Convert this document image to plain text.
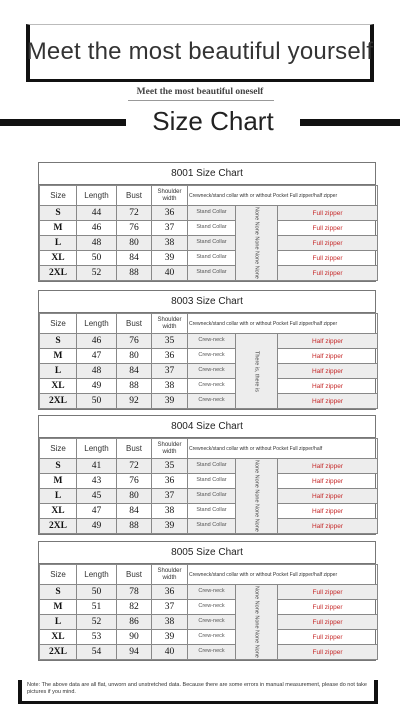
Meet the most beautiful yourself
Meet the most beautiful oneself
Size Chart
8001 Size Chart
Size	Length	Bust	Shoulder width	Crewneck/stand collar with or without Pocket Full zipper/half zipper		
S	44	72	36	Stand Collar	None None None None None	Full zipper
M	46	76	37	Stand Collar		Full zipper
L	48	80	38	Stand Collar		Full zipper
XL	50	84	39	Stand Collar		Full zipper
2XL	52	88	40	Stand Collar		Full zipper
8003 Size Chart
Size	Length	Bust	Shoulder width	Crewneck/stand collar with or without Pocket Full zipper/half zipper		
S	46	76	35	Crew-neck	There is, there is	Half zipper
M	47	80	36	Crew-neck		Half zipper
L	48	84	37	Crew-neck		Half zipper
XL	49	88	38	Crew-neck		Half zipper
2XL	50	92	39	Crew-neck		Half zipper
8004 Size Chart
Size	Length	Bust	Shoulder width	Crewneck/stand collar with or without Pocket Full zipper/half		
S	41	72	35	Stand Collar	None None None None None	Half zipper
M	43	76	36	Stand Collar		Half zipper
L	45	80	37	Stand Collar		Half zipper
XL	47	84	38	Stand Collar		Half zipper
2XL	49	88	39	Stand Collar		Half zipper
8005 Size Chart
Size	Length	Bust	Shoulder width	Crewneck/stand collar with or without Pocket Full zipper/half zipper		
S	50	78	36	Crew-neck	None None None None None	Full zipper
M	51	82	37	Crew-neck		Full zipper
L	52	86	38	Crew-neck		Full zipper
XL	53	90	39	Crew-neck		Full zipper
2XL	54	94	40	Crew-neck		Full zipper
Note: The above data are all flat, unworn and unstretched data. Because there are some errors in manual measurement, please do not take pictures if you mind.
